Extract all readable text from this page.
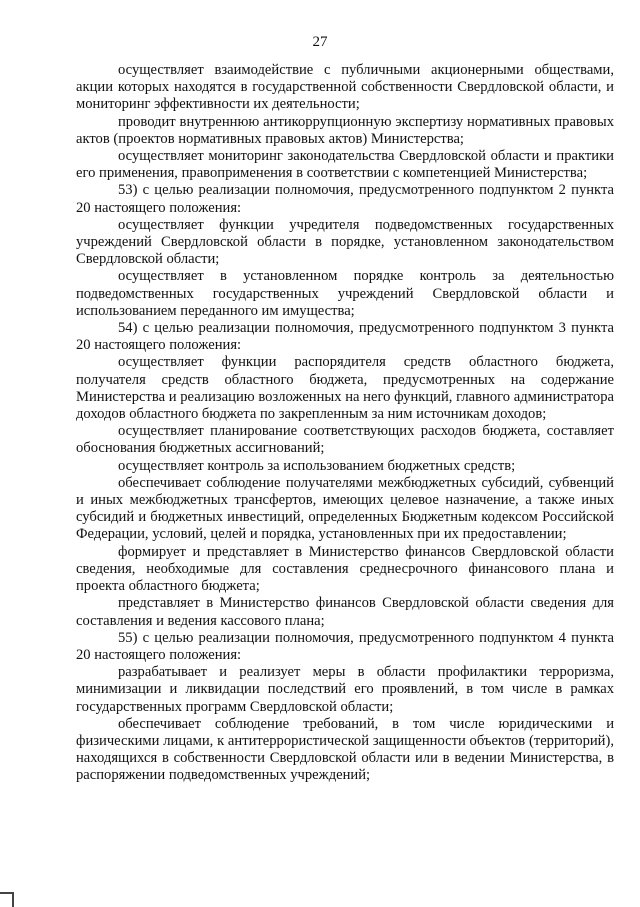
27

осуществляет взаимодействие с публичными акционерными обществами, акции которых находятся в государственной собственности Свердловской области, и мониторинг эффективности их деятельности;

проводит внутреннюю антикоррупционную экспертизу нормативных правовых актов (проектов нормативных правовых актов) Министерства;

осуществляет мониторинг законодательства Свердловской области и практики его применения, правоприменения в соответствии с компетенцией Министерства;

53) с целью реализации полномочия, предусмотренного подпунктом 2 пункта 20 настоящего положения:

осуществляет функции учредителя подведомственных государственных учреждений Свердловской области в порядке, установленном законодательством Свердловской области;

осуществляет в установленном порядке контроль за деятельностью подведомственных государственных учреждений Свердловской области и использованием переданного им имущества;

54) с целью реализации полномочия, предусмотренного подпунктом 3 пункта 20 настоящего положения:

осуществляет функции распорядителя средств областного бюджета, получателя средств областного бюджета, предусмотренных на содержание Министерства и реализацию возложенных на него функций, главного администратора доходов областного бюджета по закрепленным за ним источникам доходов;

осуществляет планирование соответствующих расходов бюджета, составляет обоснования бюджетных ассигнований;

осуществляет контроль за использованием бюджетных средств;

обеспечивает соблюдение получателями межбюджетных субсидий, субвенций и иных межбюджетных трансфертов, имеющих целевое назначение, а также иных субсидий и бюджетных инвестиций, определенных Бюджетным кодексом Российской Федерации, условий, целей и порядка, установленных при их предоставлении;

формирует и представляет в Министерство финансов Свердловской области сведения, необходимые для составления среднесрочного финансового плана и проекта областного бюджета;

представляет в Министерство финансов Свердловской области сведения для составления и ведения кассового плана;

55) с целью реализации полномочия, предусмотренного подпунктом 4 пункта 20 настоящего положения:

разрабатывает и реализует меры в области профилактики терроризма, минимизации и ликвидации последствий его проявлений, в том числе в рамках государственных программ Свердловской области;

обеспечивает соблюдение требований, в том числе юридическими и физическими лицами, к антитеррористической защищенности объектов (территорий), находящихся в собственности Свердловской области или в ведении Министерства, в распоряжении подведомственных учреждений;
